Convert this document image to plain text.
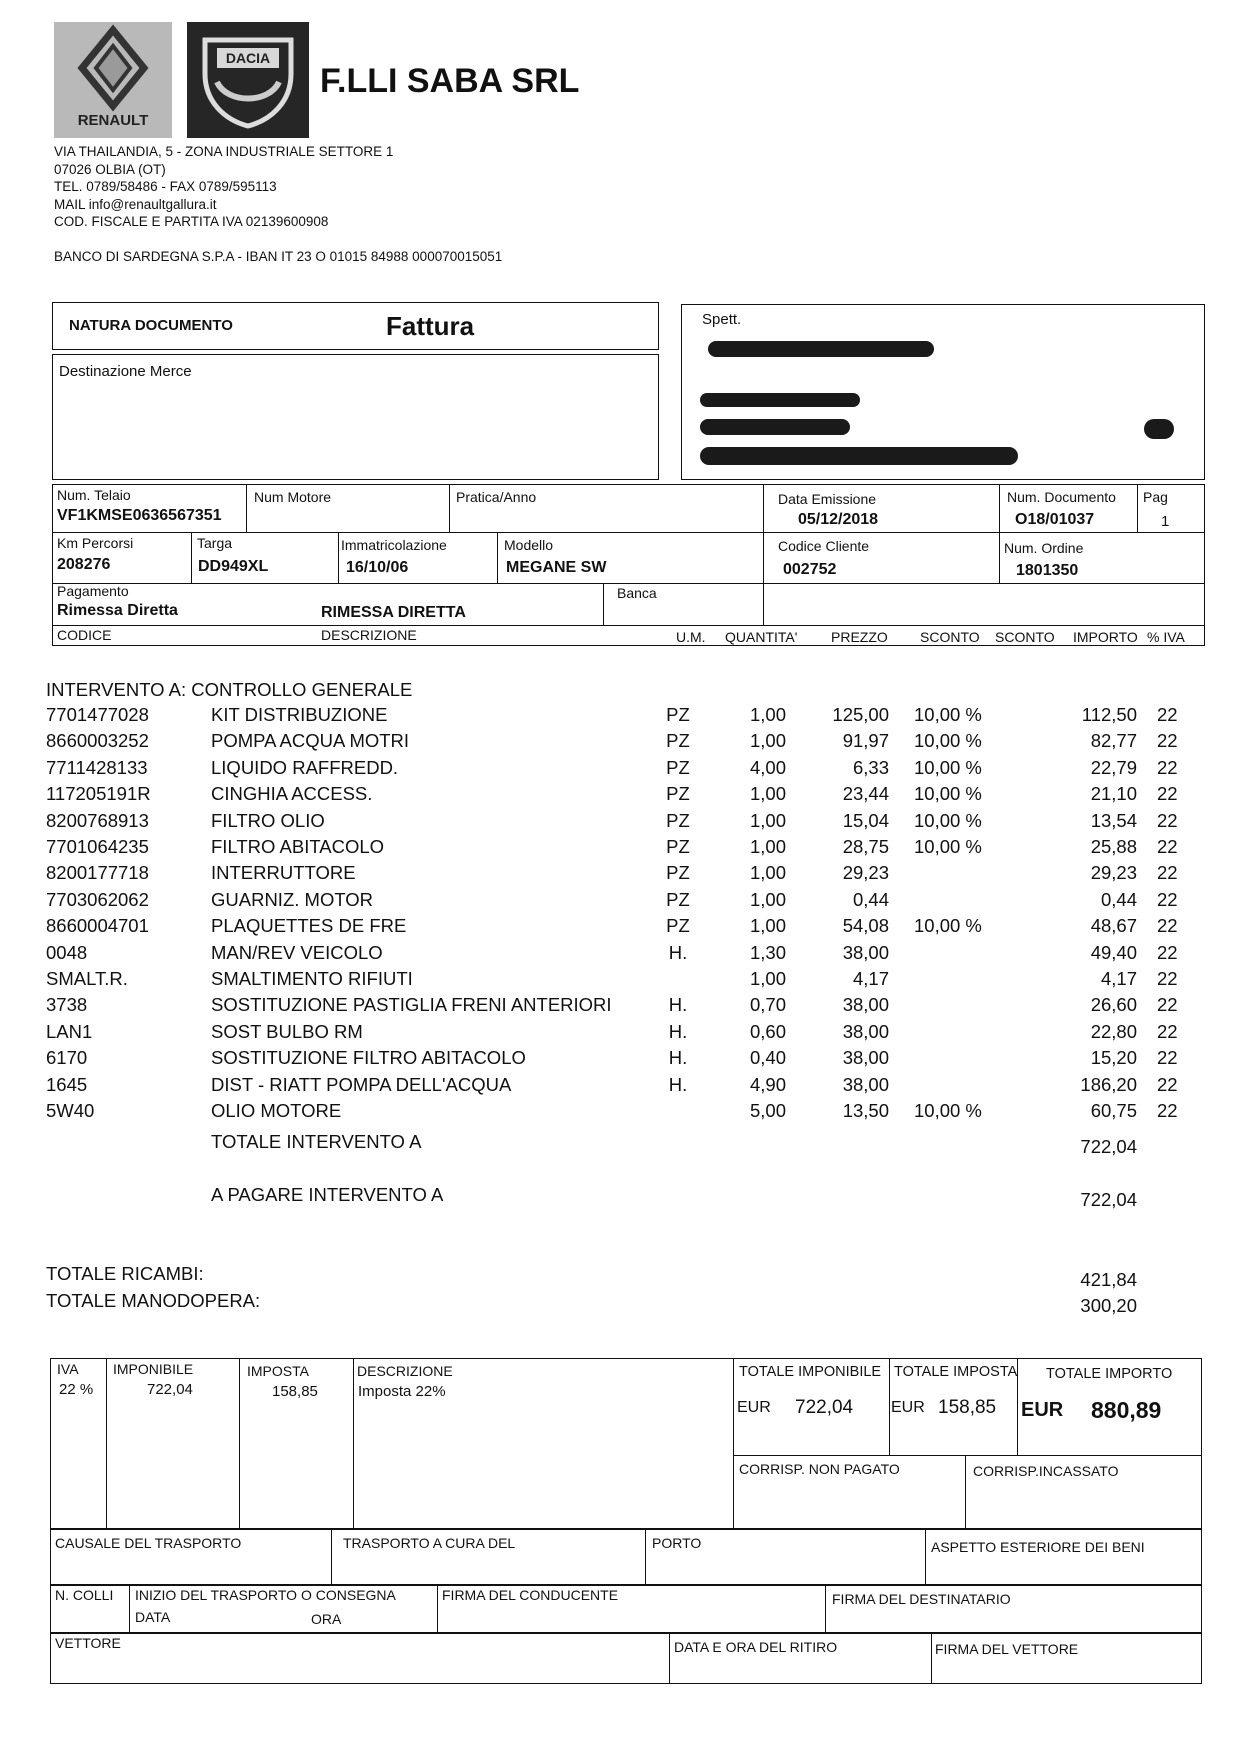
RENAULT
DACIA
F.LLI SABA SRL
VIA THAILANDIA, 5 - ZONA INDUSTRIALE SETTORE 1
07026 OLBIA (OT)
TEL. 0789/58486 - FAX 0789/595113
MAIL info@renaultgallura.it
COD. FISCALE E PARTITA IVA 02139600908
BANCO DI SARDEGNA S.P.A - IBAN IT 23 O 01015 84988 000070015051
NATURA DOCUMENTO	Fattura
Destinazione Merce
Spett.
Num. Telaio
VF1KMSE0636567351
Num Motore	Pratica/Anno	Data Emissione
05/12/2018
Num. Documento
O18/01037
Pag
1
Km Percorsi
208276
Targa
DD949XL
Immatricolazione
16/10/06
Modello
MEGANE SW
Codice Cliente
002752
Num. Ordine
1801350
Pagamento
Rimessa Diretta	RIMESSA DIRETTA
Banca
CODICE	DESCRIZIONE	U.M. QUANTITA' PREZZO SCONTO SCONTO IMPORTO % IVA
INTERVENTO A: CONTROLLO GENERALE
7701477028	KIT DISTRIBUZIONE	PZ	1,00	125,00 10,00 %	112,50 22
8660003252	POMPA ACQUA MOTRI	PZ	1,00	91,97 10,00 %	82,77 22
7711428133	LIQUIDO RAFFREDD.	PZ	4,00	6,33 10,00 %	22,79 22
117205191R	CINGHIA ACCESS.	PZ	1,00	23,44 10,00 %	21,10 22
8200768913	FILTRO OLIO	PZ	1,00	15,04 10,00 %	13,54 22
7701064235	FILTRO ABITACOLO	PZ	1,00	28,75 10,00 %	25,88 22
8200177718	INTERRUTTORE	PZ	1,00	29,23	29,23 22
7703062062	GUARNIZ. MOTOR	PZ	1,00	0,44	0,44 22
8660004701	PLAQUETTES DE FRE	PZ	1,00	54,08 10,00 %	48,67 22
0048	MAN/REV VEICOLO	H.	1,30	38,00	49,40 22
SMALT.R.	SMALTIMENTO RIFIUTI	1,00	4,17	4,17 22
3738	SOSTITUZIONE PASTIGLIA FRENI ANTERIORI	H.	0,70	38,00	26,60 22
LAN1	SOST BULBO RM	H.	0,60	38,00	22,80 22
6170	SOSTITUZIONE FILTRO ABITACOLO	H.	0,40	38,00	15,20 22
1645	DIST - RIATT POMPA DELL'ACQUA	H.	4,90	38,00	186,20 22
5W40	OLIO MOTORE	5,00	13,50 10,00 %	60,75 22
TOTALE INTERVENTO A	722,04
A PAGARE INTERVENTO A	722,04
TOTALE RICAMBI:	421,84
TOTALE MANODOPERA:	300,20
IVA
22 %
IMPONIBILE
722,04
IMPOSTA
158,85
DESCRIZIONE
Imposta 22%
TOTALE IMPONIBILE
EUR 722,04
TOTALE IMPOSTA
EUR 158,85
TOTALE IMPORTO
EUR 880,89
CORRISP. NON PAGATO	CORRISP.INCASSATO
CAUSALE DEL TRASPORTO	TRASPORTO A CURA DEL	PORTO	ASPETTO ESTERIORE DEI BENI
N. COLLI INIZIO DEL TRASPORTO O CONSEGNA
DATA	ORA
FIRMA DEL CONDUCENTE	FIRMA DEL DESTINATARIO
VETTORE	DATA E ORA DEL RITIRO	FIRMA DEL VETTORE
